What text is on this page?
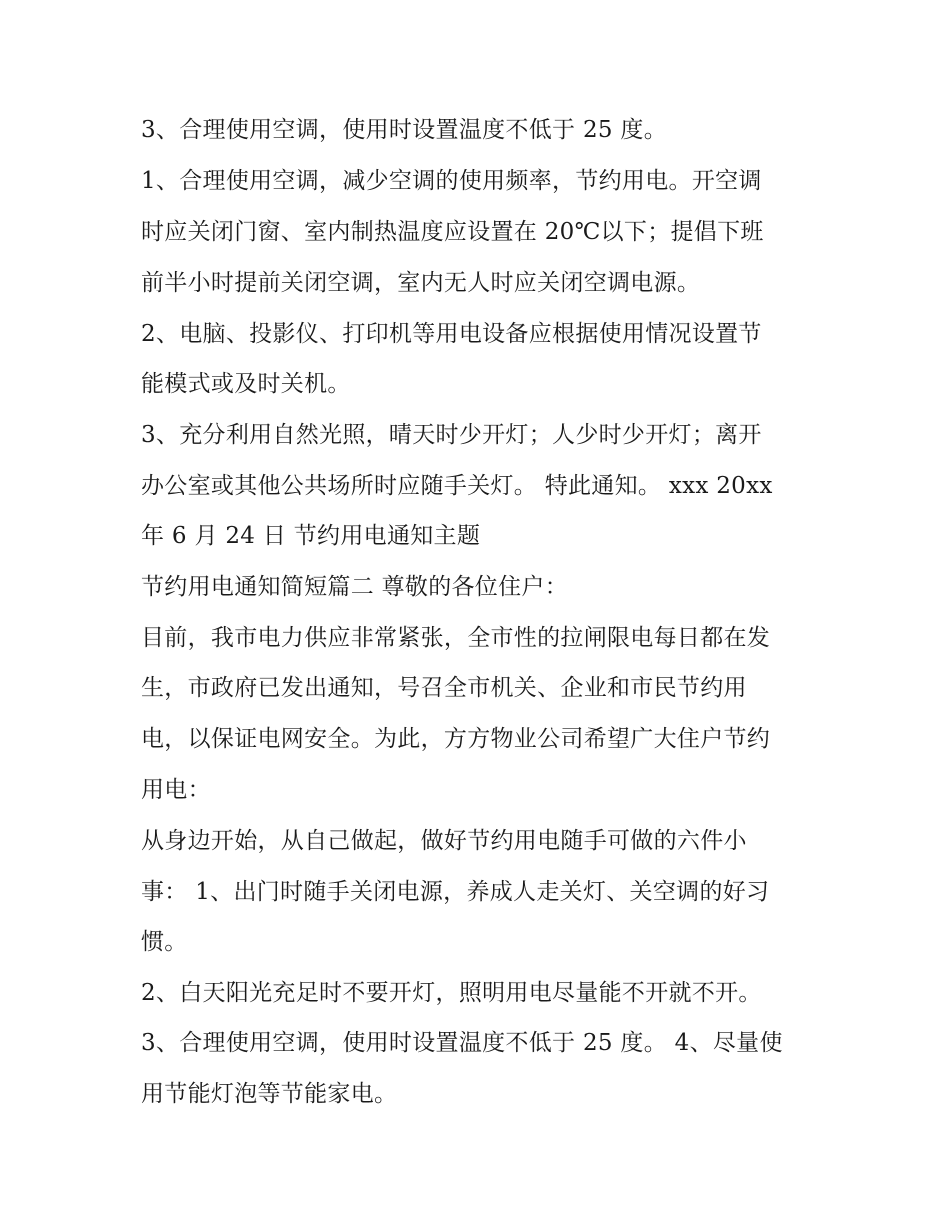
3、合理使用空调，使用时设置温度不低于 25 度。
1、合理使用空调，减少空调的使用频率，节约用电。开空调
时应关闭门窗、室内制热温度应设置在 20℃以下；提倡下班
前半小时提前关闭空调，室内无人时应关闭空调电源。
2、电脑、投影仪、打印机等用电设备应根据使用情况设置节
能模式或及时关机。
3、充分利用自然光照，晴天时少开灯；人少时少开灯；离开
办公室或其他公共场所时应随手关灯。 特此通知。 xxx 20xx
年 6 月 24 日 节约用电通知主题
节约用电通知简短篇二 尊敬的各位住户：
目前，我市电力供应非常紧张，全市性的拉闸限电每日都在发
生，市政府已发出通知，号召全市机关、企业和市民节约用
电，以保证电网安全。为此，方方物业公司希望广大住户节约
用电：
从身边开始，从自己做起，做好节约用电随手可做的六件小
事： 1、出门时随手关闭电源，养成人走关灯、关空调的好习
惯。
2、白天阳光充足时不要开灯，照明用电尽量能不开就不开。
3、合理使用空调，使用时设置温度不低于 25 度。 4、尽量使
用节能灯泡等节能家电。
